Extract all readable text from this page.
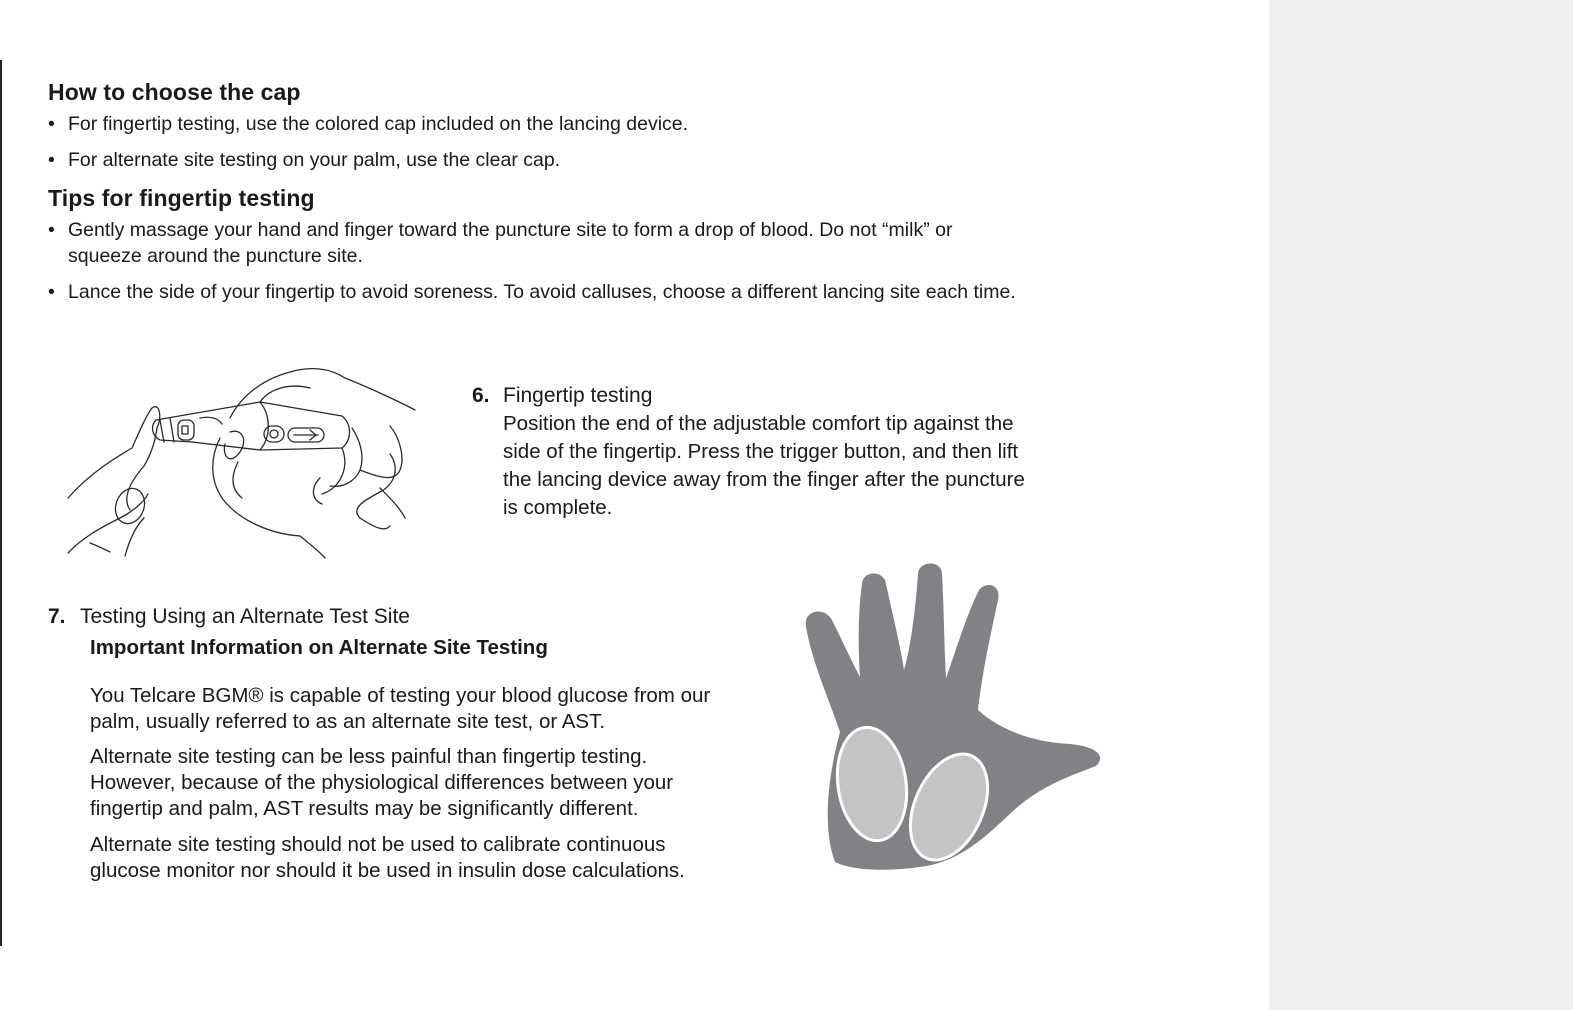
How to choose the cap
• For fingertip testing, use the colored cap included on the lancing device.
• For alternate site testing on your palm, use the clear cap.
Tips for fingertip testing
• Gently massage your hand and finger toward the puncture site to form a drop of blood. Do not “milk” or
squeeze around the puncture site.
• Lance the side of your fingertip to avoid soreness. To avoid calluses, choose a different lancing site each time.
6. Fingertip testing
Position the end of the adjustable comfort tip against the
side of the fingertip. Press the trigger button, and then lift
the lancing device away from the finger after the puncture
is complete.
7. Testing Using an Alternate Test Site
Important Information on Alternate Site Testing
You Telcare BGM® is capable of testing your blood glucose from our
palm, usually referred to as an alternate site test, or AST.
Alternate site testing can be less painful than fingertip testing.
However, because of the physiological differences between your
fingertip and palm, AST results may be significantly different.
Alternate site testing should not be used to calibrate continuous
glucose monitor nor should it be used in insulin dose calculations.
